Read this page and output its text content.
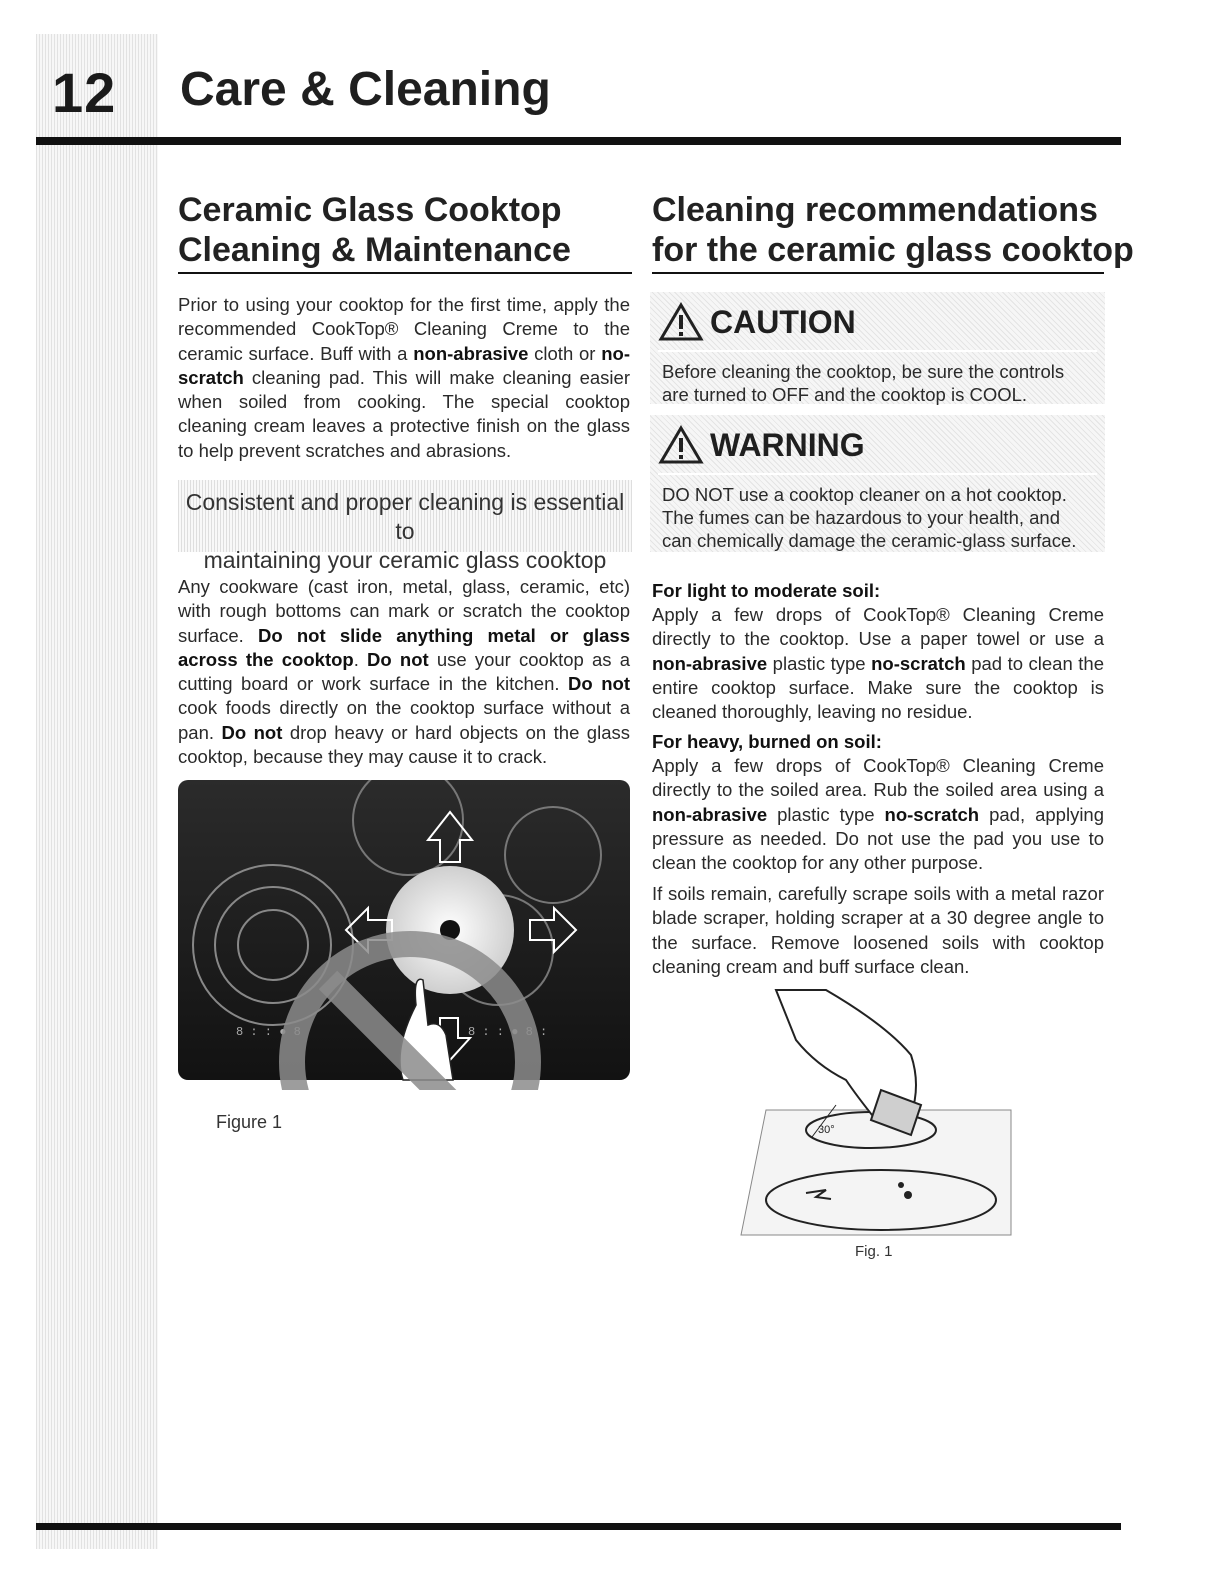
12 Care & Cleaning
Ceramic Glass Cooktop
Cleaning & Maintenance

Prior to using your cooktop for the first time, apply the recommended CookTop® Cleaning Creme to the ceramic surface. Buff with a non-abrasive cloth or no-scratch cleaning pad. This will make cleaning easier when soiled from cooking. The special cooktop cleaning cream leaves a protective finish on the glass to help prevent scratches and abrasions.

Consistent and proper cleaning is essential to
maintaining your ceramic glass cooktop

Any cookware (cast iron, metal, glass, ceramic, etc) with rough bottoms can mark or scratch the cooktop surface. Do not slide anything metal or glass across the cooktop. Do not use your cooktop as a cutting board or work surface in the kitchen. Do not cook foods directly on the cooktop surface without a pan. Do not drop heavy or hard objects on the glass cooktop, because they may cause it to crack.

8 : : ● 8	8 : : ● 8 :
Figure 1
Cleaning recommendations
for the ceramic glass cooktop
CAUTION
Before cleaning the cooktop, be sure the controls are turned to OFF and the cooktop is COOL.
WARNING
DO NOT use a cooktop cleaner on a hot cooktop. The fumes can be hazardous to your health, and can chemically damage the ceramic-glass surface.
For light to moderate soil:

Apply a few drops of CookTop® Cleaning Creme directly to the cooktop. Use a paper towel or use a non-abrasive plastic type no-scratch pad to clean the entire cooktop surface. Make sure the cooktop is cleaned thoroughly, leaving no residue.

For heavy, burned on soil:

Apply a few drops of CookTop® Cleaning Creme directly to the soiled area. Rub the soiled area using a non-abrasive plastic type no-scratch pad, applying pressure as needed. Do not use the pad you use to clean the cooktop for any other purpose.

If soils remain, carefully scrape soils with a metal razor blade scraper, holding scraper at a 30 degree angle to the surface. Remove loosened soils with cooktop cleaning cream and buff surface clean.

30°
Fig. 1
